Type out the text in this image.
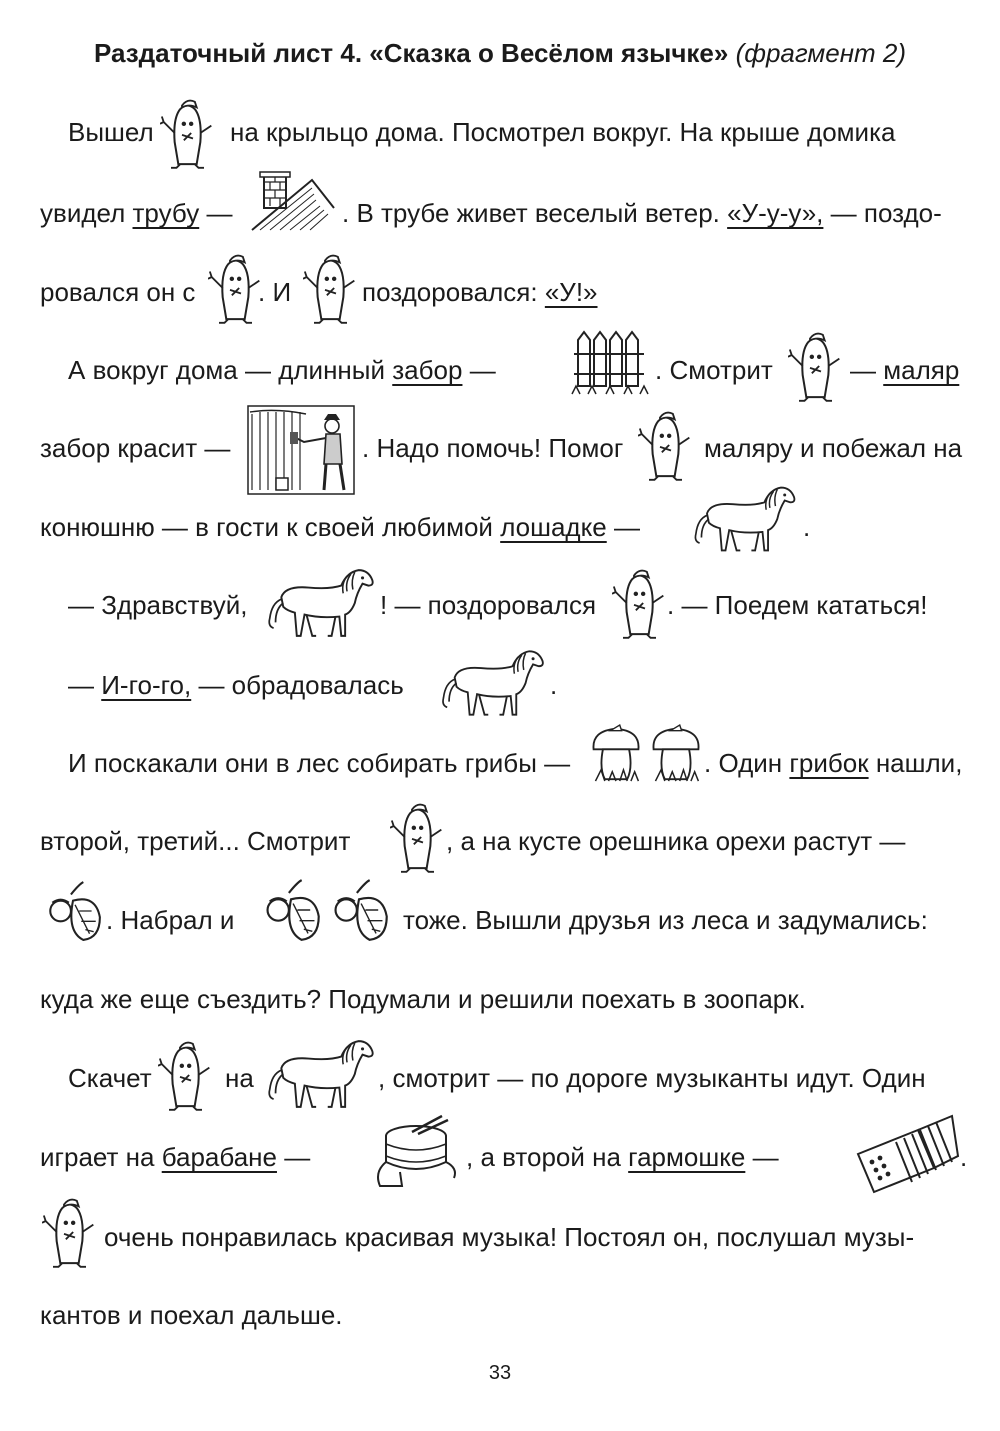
Раздаточный лист 4. «Сказка о Весёлом язычке» (фрагмент 2)
Вышел	на крыльцо дома. Посмотрел вокруг. На крыше домика
увидел трубу —	. В трубе живет веселый ветер. «У-у-у», — поздо-
ровался он с . И	поздоровался: «У!»
А вокруг дома — длинный забор —	. Смотрит	— маляр
забор красит —	. Надо помочь! Помог	маляру и побежал на
конюшню — в гости к своей любимой лошадке —	.
— Здравствуй,	! — поздоровался	. — Поедем кататься!
— И-го-го, — обрадовалась	.
И поскакали они в лес собирать грибы —	. Один грибок нашли,
второй, третий... Смотрит	, а на кусте орешника орехи растут —
. Набрал и	тоже. Вышли друзья из леса и задумались:
куда же еще съездить? Подумали и решили поехать в зоопарк.
Скачет	на	, смотрит — по дороге музыканты идут. Один
играет на барабане —	, а второй на гармошке —	.
очень понравилась красивая музыка! Постоял он, послушал музы-
кантов и поехал дальше.
33
